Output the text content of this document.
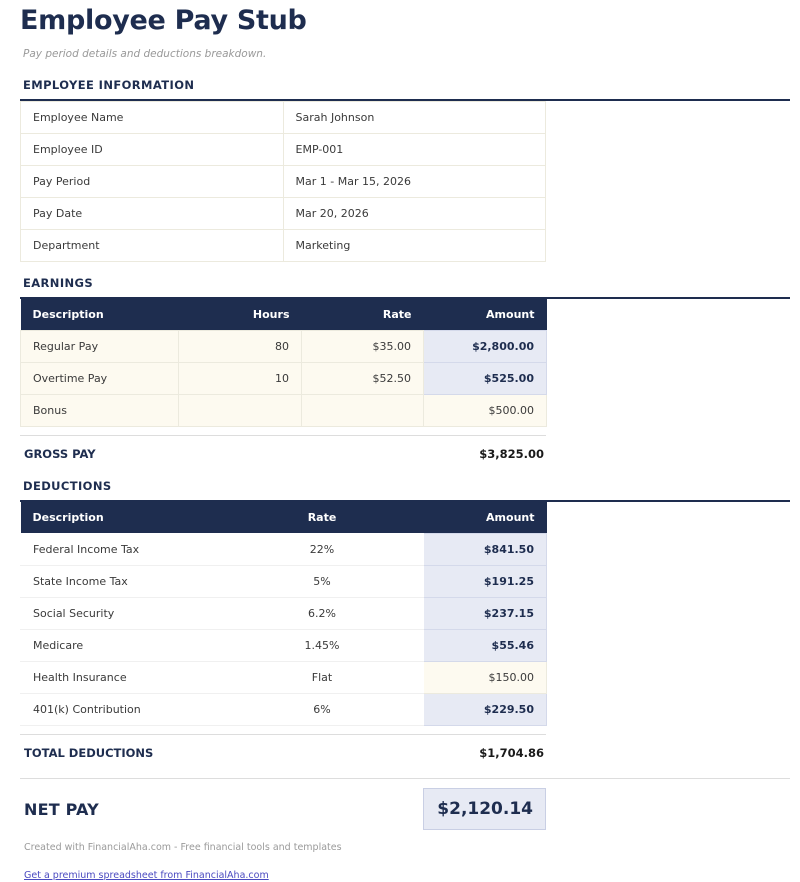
Employee Pay Stub
Pay period details and deductions breakdown.
EMPLOYEE INFORMATION
Employee Name	Sarah Johnson
Employee ID	EMP-001
Pay Period	Mar 1 - Mar 15, 2026
Pay Date	Mar 20, 2026
Department	Marketing
EARNINGS
Description	Hours	Rate	Amount
Regular Pay	80	$35.00	$2,800.00
Overtime Pay	10	$52.50	$525.00
Bonus			$500.00
GROSS PAY	$3,825.00
DEDUCTIONS
Description	Rate	Amount
Federal Income Tax	22%	$841.50
State Income Tax	5%	$191.25
Social Security	6.2%	$237.15
Medicare	1.45%	$55.46
Health Insurance	Flat	$150.00
401(k) Contribution	6%	$229.50
TOTAL DEDUCTIONS	$1,704.86
NET PAY	$2,120.14
Created with FinancialAha.com - Free financial tools and templates
Get a premium spreadsheet from FinancialAha.com
